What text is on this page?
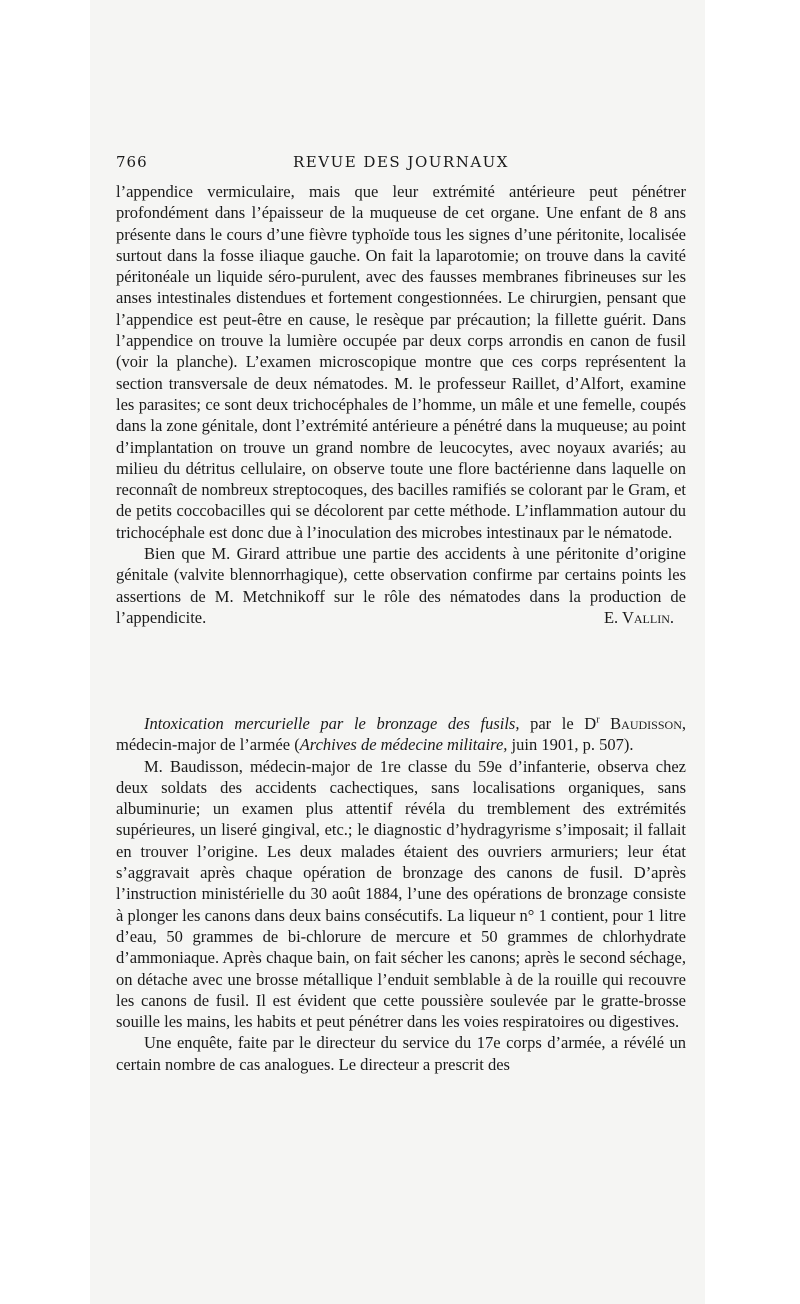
766	REVUE DES JOURNAUX

l’appendice vermiculaire, mais que leur extrémité antérieure peut pénétrer profondément dans l’épaisseur de la muqueuse de cet organe. Une enfant de 8 ans présente dans le cours d’une fièvre typhoïde tous les signes d’une péritonite, localisée surtout dans la fosse iliaque gauche. On fait la laparotomie; on trouve dans la cavité péritonéale un liquide séro-purulent, avec des fausses membranes fibrineuses sur les anses intestinales distendues et fortement congestionnées. Le chirurgien, pensant que l’appendice est peut-être en cause, le resèque par précaution; la fillette guérit. Dans l’appendice on trouve la lumière occupée par deux corps arrondis en canon de fusil (voir la planche). L’examen microscopique montre que ces corps représentent la section transversale de deux nématodes. M. le professeur Raillet, d’Alfort, examine les parasites; ce sont deux trichocéphales de l’homme, un mâle et une femelle, coupés dans la zone génitale, dont l’extrémité antérieure a pénétré dans la muqueuse; au point d’implantation on trouve un grand nombre de leucocytes, avec noyaux avariés; au milieu du détritus cellulaire, on observe toute une flore bactérienne dans laquelle on reconnaît de nombreux streptocoques, des bacilles ramifiés se colorant par le Gram, et de petits coccobacilles qui se décolorent par cette méthode. L’inflammation autour du trichocéphale est donc due à l’inoculation des microbes intestinaux par le nématode.

Bien que M. Girard attribue une partie des accidents à une péritonite d’origine génitale (valvite blennorrhagique), cette observation confirme par certains points les assertions de M. Metchnikoff sur le rôle des nématodes dans la production de l’appendicite.	E. Vallin.

Intoxication mercurielle par le bronzage des fusils, par le $D^r$ Baudisson, médecin-major de l’armée (Archives de médecine militaire, juin 1901, p. 507).

M. Baudisson, médecin-major de 1re classe du 59e d’infanterie, observa chez deux soldats des accidents cachectiques, sans localisations organiques, sans albuminurie; un examen plus attentif révéla du tremblement des extrémités supérieures, un liseré gingival, etc.; le diagnostic d’hydragyrisme s’imposait; il fallait en trouver l’origine. Les deux malades étaient des ouvriers armuriers; leur état s’aggravait après chaque opération de bronzage des canons de fusil. D’après l’instruction ministérielle du 30 août 1884, l’une des opérations de bronzage consiste à plonger les canons dans deux bains consécutifs. La liqueur n° 1 contient, pour 1 litre d’eau, 50 grammes de bi-chlorure de mercure et 50 grammes de chlorhydrate d’ammoniaque. Après chaque bain, on fait sécher les canons; après le second séchage, on détache avec une brosse métallique l’enduit semblable à de la rouille qui recouvre les canons de fusil. Il est évident que cette poussière soulevée par le gratte-brosse souille les mains, les habits et peut pénétrer dans les voies respiratoires ou digestives.

Une enquête, faite par le directeur du service du 17e corps d’armée, a révélé un certain nombre de cas analogues. Le directeur a prescrit des
